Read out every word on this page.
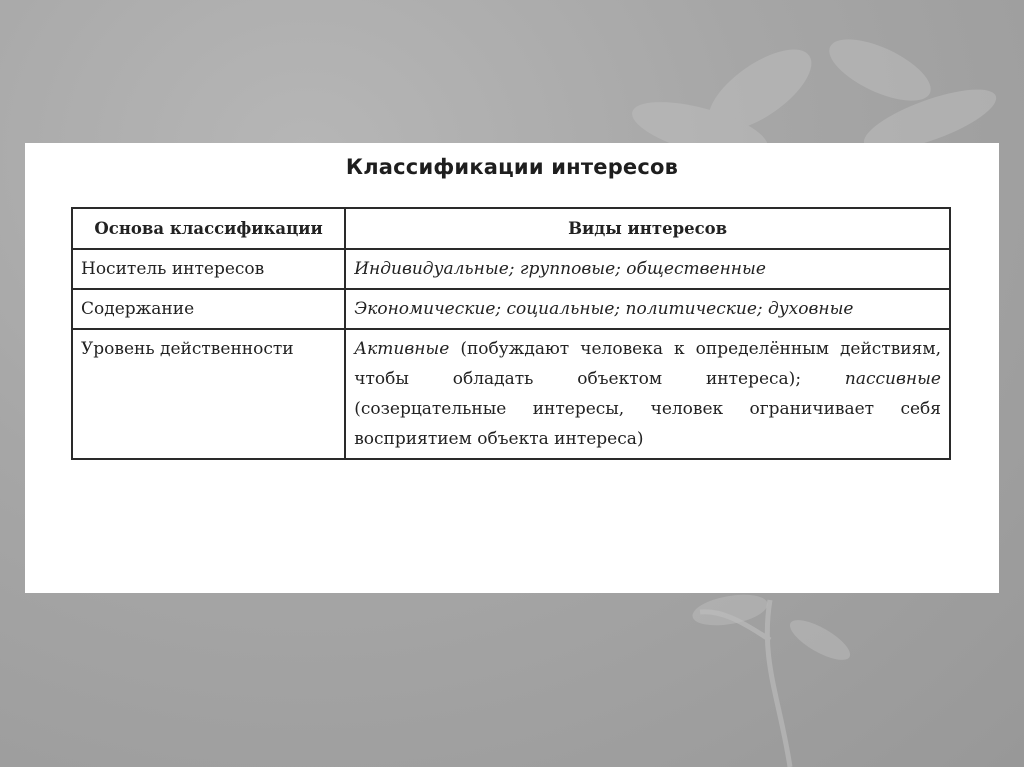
Классификации интересов
Основа классификации	Виды интересов
Носитель интересов	Индивидуальные; групповые; общественные
Содержание	Экономические; социальные; политические; духовные
Уровень действенности	Активные (побуждают человека к определённым действиям, чтобы обладать объектом интереса); пассивные (созерцательные интересы, человек ограничивает себя восприятием объекта интереса)
